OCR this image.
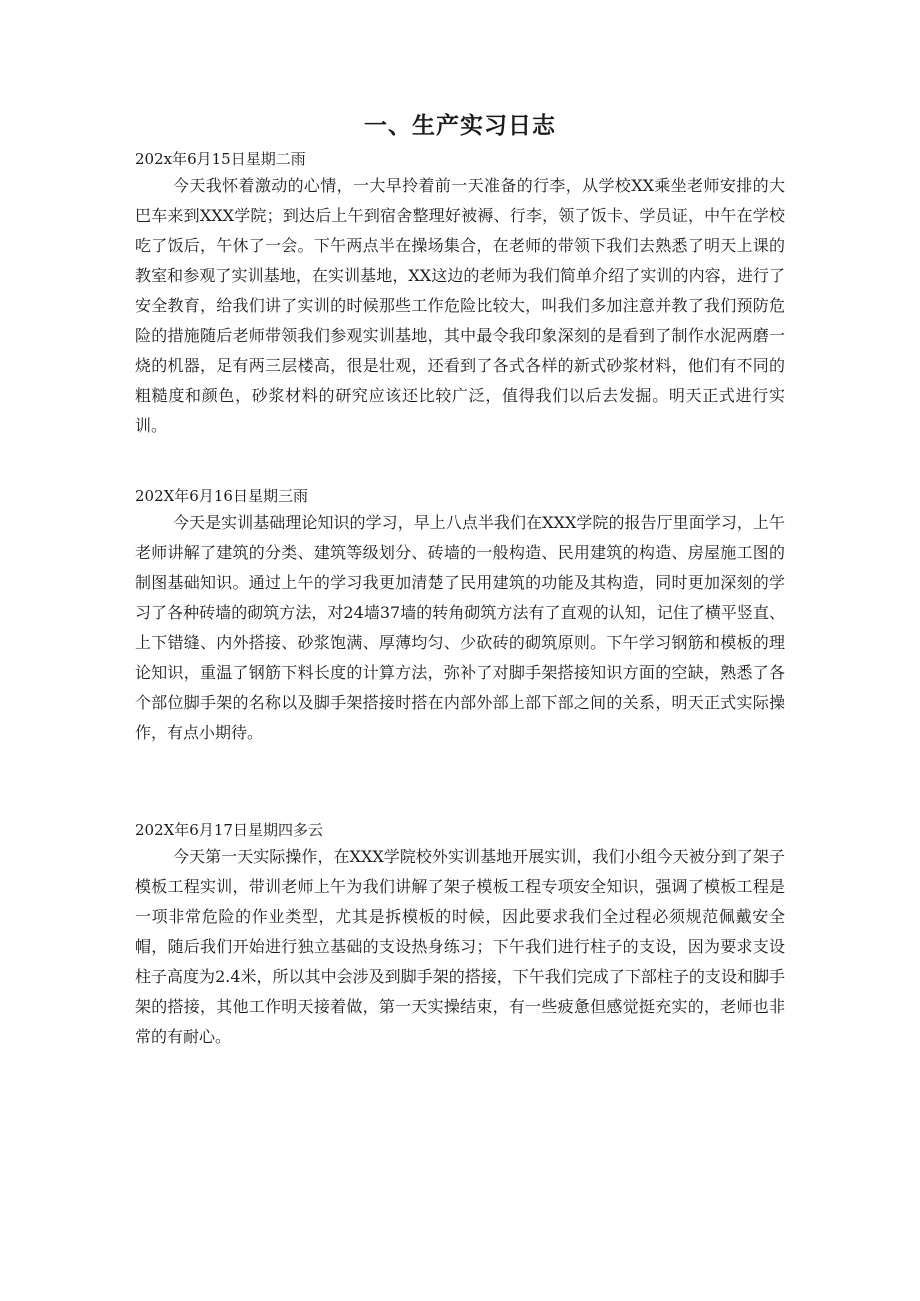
一、生产实习日志
202x年6月15日星期二雨

今天我怀着激动的心情，一大早拎着前一天准备的行李，从学校XX乘坐老师安排的大巴车来到XXX学院；到达后上午到宿舍整理好被褥、行李，领了饭卡、学员证，中午在学校吃了饭后，午休了一会。下午两点半在操场集合，在老师的带领下我们去熟悉了明天上课的教室和参观了实训基地，在实训基地，XX这边的老师为我们简单介绍了实训的内容，进行了安全教育，给我们讲了实训的时候那些工作危险比较大，叫我们多加注意并教了我们预防危险的措施随后老师带领我们参观实训基地，其中最令我印象深刻的是看到了制作水泥两磨一烧的机器，足有两三层楼高，很是壮观，还看到了各式各样的新式砂浆材料，他们有不同的粗糙度和颜色，砂浆材料的研究应该还比较广泛，值得我们以后去发掘。明天正式进行实训。

202X年6月16日星期三雨

今天是实训基础理论知识的学习，早上八点半我们在XXX学院的报告厅里面学习，上午老师讲解了建筑的分类、建筑等级划分、砖墙的一般构造、民用建筑的构造、房屋施工图的制图基础知识。通过上午的学习我更加清楚了民用建筑的功能及其构造，同时更加深刻的学习了各种砖墙的砌筑方法，对24墙37墙的转角砌筑方法有了直观的认知，记住了横平竖直、上下错缝、内外搭接、砂浆饱满、厚薄均匀、少砍砖的砌筑原则。下午学习钢筋和模板的理论知识，重温了钢筋下料长度的计算方法，弥补了对脚手架搭接知识方面的空缺，熟悉了各个部位脚手架的名称以及脚手架搭接时搭在内部外部上部下部之间的关系，明天正式实际操作，有点小期待。

202X年6月17日星期四多云

今天第一天实际操作，在XXX学院校外实训基地开展实训，我们小组今天被分到了架子模板工程实训，带训老师上午为我们讲解了架子模板工程专项安全知识，强调了模板工程是一项非常危险的作业类型，尤其是拆模板的时候，因此要求我们全过程必须规范佩戴安全帽，随后我们开始进行独立基础的支设热身练习；下午我们进行柱子的支设，因为要求支设柱子高度为2.4米，所以其中会涉及到脚手架的搭接，下午我们完成了下部柱子的支设和脚手架的搭接，其他工作明天接着做，第一天实操结束，有一些疲惫但感觉挺充实的，老师也非常的有耐心。
